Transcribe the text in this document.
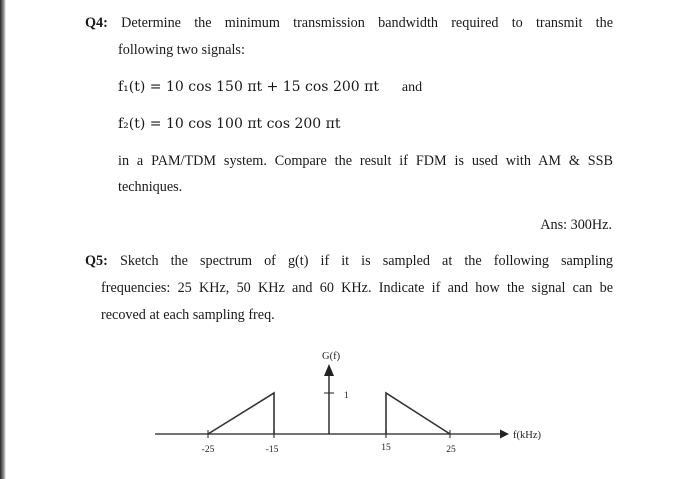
Q4: Determine the minimum transmission bandwidth required to transmit the
following two signals:
f₁(t) = 10 cos 150 πt + 15 cos 200 πt and
f₂(t) = 10 cos 100 πt cos 200 πt
in a PAM/TDM system. Compare the result if FDM is used with AM & SSB
techniques.
Ans: 300Hz.
Q5: Sketch the spectrum of g(t) if it is sampled at the following sampling
frequencies: 25 KHz, 50 KHz and 60 KHz. Indicate if and how the signal can be
recoved at each sampling freq.
G(f)
1
f(kHz)
-25	-15	15	25
